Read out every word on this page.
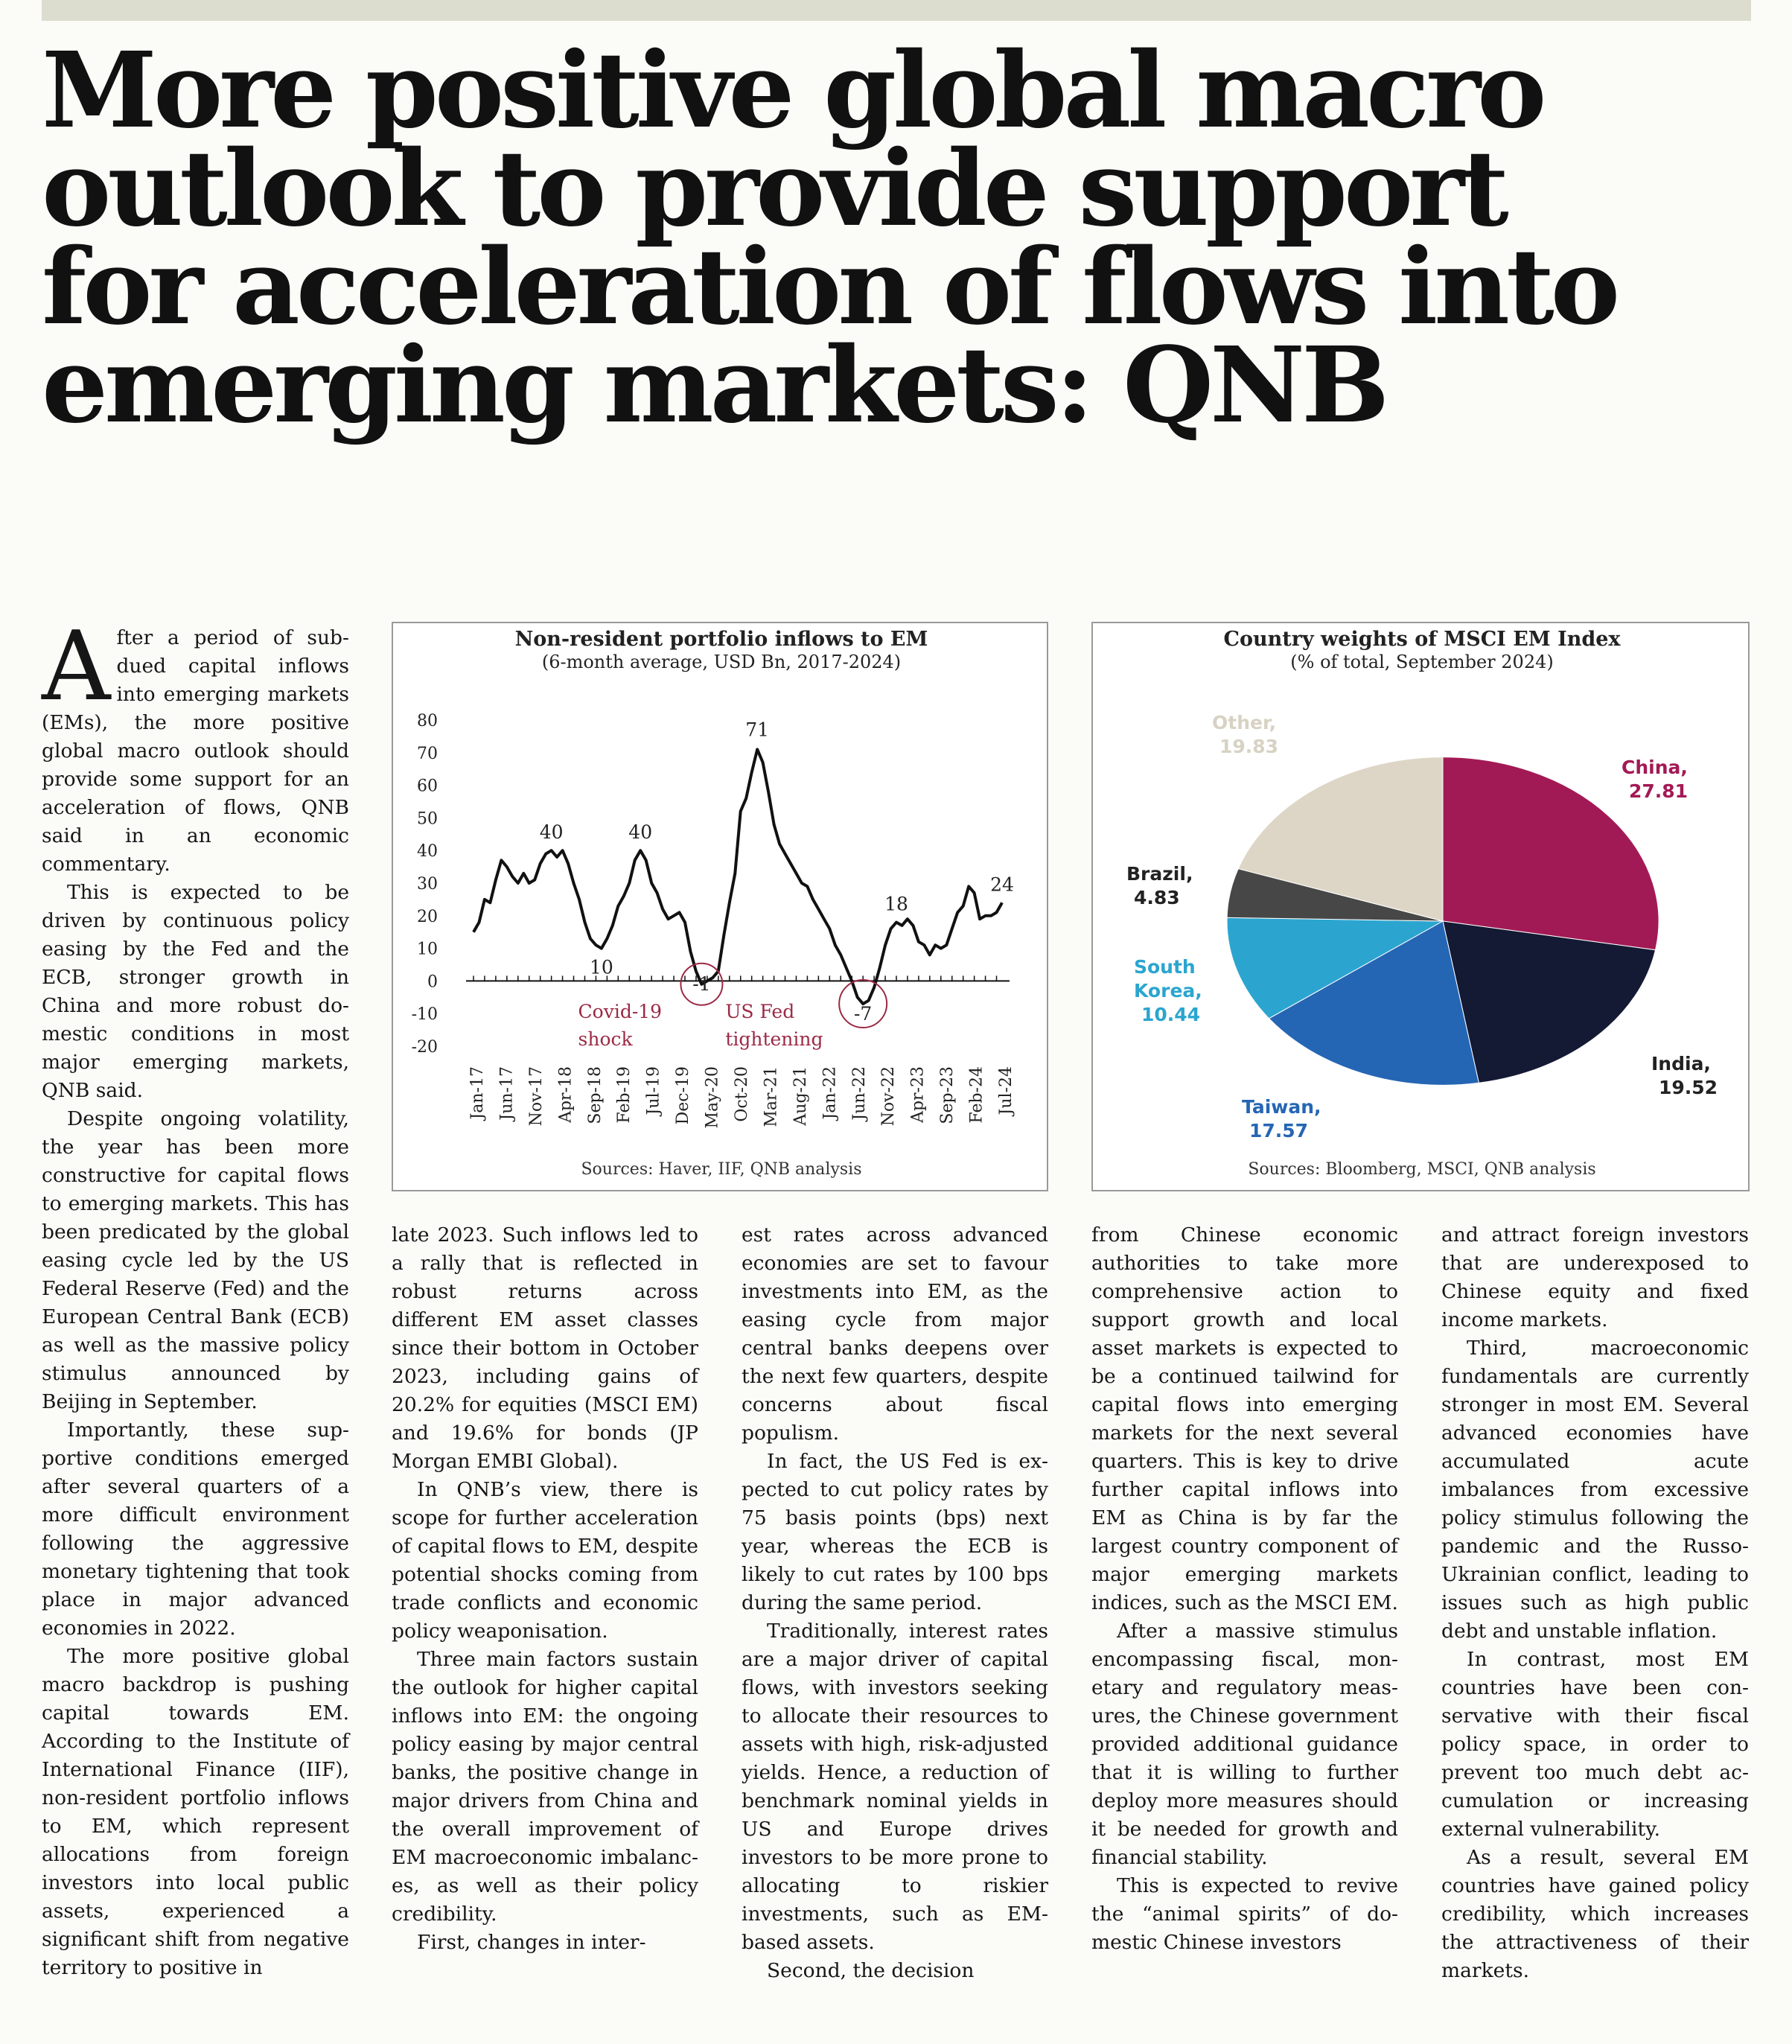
More positive global macro
outlook to provide support
for acceleration of flows into
emerging markets: QNB

After a period of subdued capital inflows into emerging markets (EMs), the more positive global macro outlook should provide some support for an acceleration of flows, QNB said in an economic commentary.

This is expected to be driven by continuous policy easing by the Fed and the ECB, stronger growth in China and more robust domestic conditions in most major emerging markets, QNB said.

Despite ongoing volatility, the year has been more constructive for capital flows to emerging markets. This has been predicated by the global easing cycle led by the US Federal Reserve (Fed) and the European Central Bank (ECB) as well as the massive policy stimulus announced by Beijing in September.

Importantly, these supportive conditions emerged after several quarters of a more difficult environment following the aggressive monetary tightening that took place in major advanced economies in 2022.

The more positive global macro backdrop is pushing capital towards EM. According to the Institute of International Finance (IIF), non-resident portfolio inflows to EM, which represent allocations from foreign investors into local public assets, experienced a significant shift from negative territory to positive in

Non-resident portfolio inflows to EM
(6-month average, USD Bn, 2017-2024)
80
70
60
50
40
30
20
10
0
-10
-20
40	40
10
71
-1
18
-7
24
Covid-19
shock
US Fed
tightening
Jan-17 Jun-17 Nov-17 Apr-18 Sep-18 Feb-19 Jul-19 Dec-19 May-20 Oct-20 Mar-21 Aug-21 Jan-22 Jun-22 Nov-22 Apr-23 Sep-23 Feb-24 Jul-24
Sources: Haver, IIF, QNB analysis
Country weights of MSCI EM Index
(% of total, September 2024)
China,
27.81
India,
19.52
Taiwan,
17.57
South
Korea,
10.44
Brazil,
4.83
Other,
19.83
Sources: Bloomberg, MSCI, QNB analysis

late 2023. Such inflows led to a rally that is reflected in robust returns across different EM asset classes since their bottom in October 2023, including gains of 20.2% for equities (MSCI EM) and 19.6% for bonds (JP Morgan EMBI Global).

In QNB’s view, there is scope for further acceleration of capital flows to EM, despite potential shocks coming from trade conflicts and economic policy weaponisation.

Three main factors sustain the outlook for higher capital inflows into EM: the ongoing policy easing by major central banks, the positive change in major drivers from China and the overall improvement of EM macroeconomic imbalances, as well as their policy credibility.

First, changes in inter-

est rates across advanced economies are set to favour investments into EM, as the easing cycle from major central banks deepens over the next few quarters, despite concerns about fiscal populism.

In fact, the US Fed is expected to cut policy rates by 75 basis points (bps) next year, whereas the ECB is likely to cut rates by 100 bps during the same period.

Traditionally, interest rates are a major driver of capital flows, with investors seeking to allocate their resources to assets with high, risk-adjusted yields. Hence, a reduction of benchmark nominal yields in US and Europe drives investors to be more prone to allocating to riskier investments, such as EM-based assets.

Second, the decision

from Chinese economic authorities to take more comprehensive action to support growth and local asset markets is expected to be a continued tailwind for capital flows into emerging markets for the next several quarters. This is key to drive further capital inflows into EM as China is by far the largest country component of major emerging markets indices, such as the MSCI EM.

After a massive stimulus encompassing fiscal, monetary and regulatory measures, the Chinese government provided additional guidance that it is willing to further deploy more measures should it be needed for growth and financial stability.

This is expected to revive the “animal spirits” of domestic Chinese investors

and attract foreign investors that are underexposed to Chinese equity and fixed income markets.

Third, macroeconomic fundamentals are currently stronger in most EM. Several advanced economies have accumulated acute imbalances from excessive policy stimulus following the pandemic and the Russo-Ukrainian conflict, leading to issues such as high public debt and unstable inflation.

In contrast, most EM countries have been conservative with their fiscal policy space, in order to prevent too much debt accumulation or increasing external vulnerability.

As a result, several EM countries have gained policy credibility, which increases the attractiveness of their markets.
